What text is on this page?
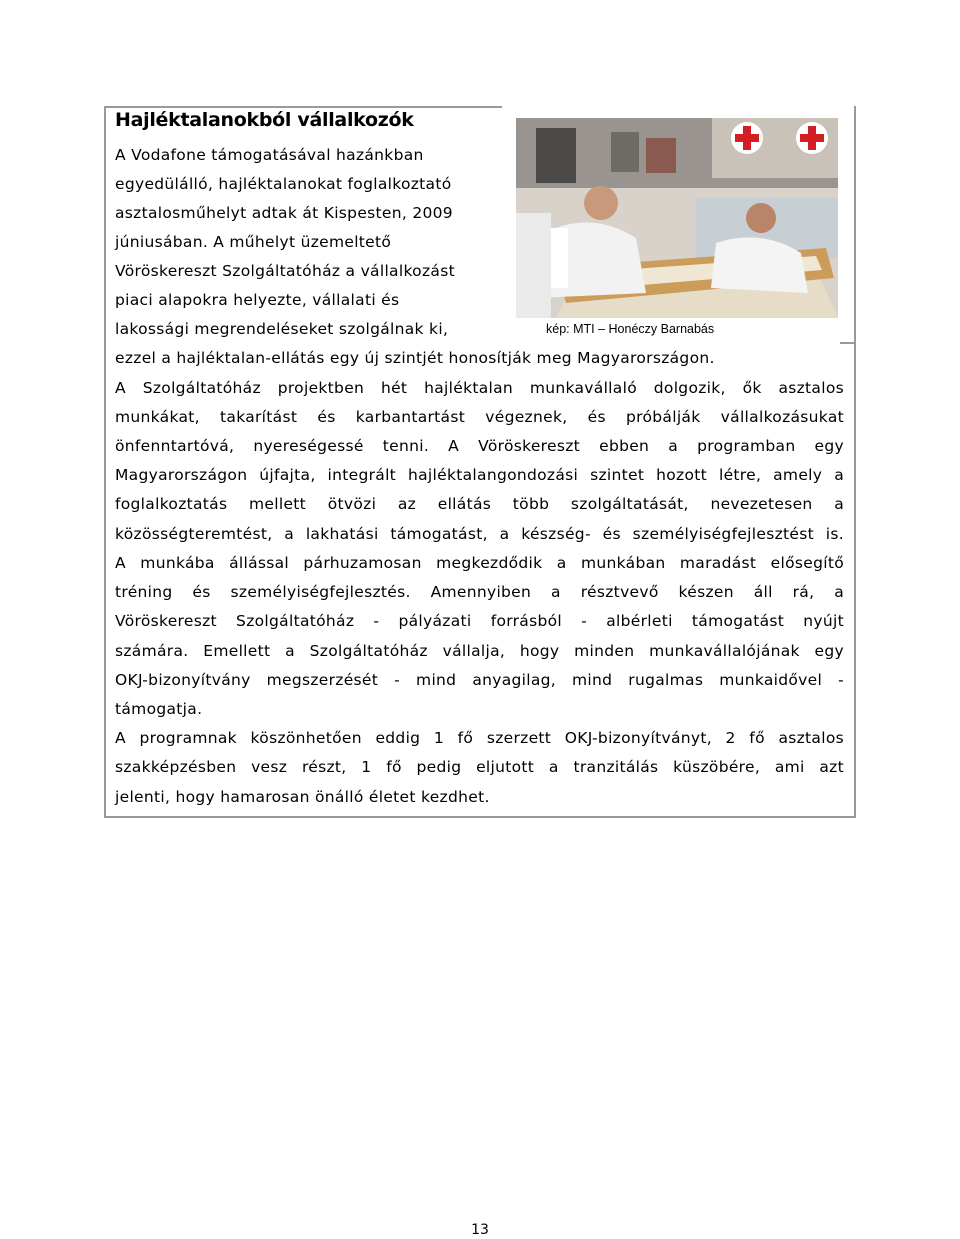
Hajléktalanokból vállalkozók
A Vodafone támogatásával hazánkban
egyedülálló, hajléktalanokat foglalkoztató
asztalosműhelyt adtak át Kispesten, 2009
júniusában. A műhelyt üzemeltető
Vöröskereszt Szolgáltatóház a vállalkozást
piaci alapokra helyezte, vállalati és
lakossági megrendeléseket szolgálnak ki,	kép: MTI – Honéczy Barnabás
ezzel a hajléktalan-ellátás egy új szintjét honosítják meg Magyarországon.
A Szolgáltatóház projektben hét hajléktalan munkavállaló dolgozik, ők asztalos
munkákat, takarítást és karbantartást végeznek, és próbálják vállalkozásukat
önfenntartóvá, nyereségessé tenni. A Vöröskereszt ebben a programban egy
Magyarországon újfajta, integrált hajléktalangondozási szintet hozott létre, amely a
foglalkoztatás mellett ötvözi az ellátás több szolgáltatását, nevezetesen a
közösségteremtést, a lakhatási támogatást, a készség- és személyiségfejlesztést is.
A munkába állással párhuzamosan megkezdődik a munkában maradást elősegítő
tréning és személyiségfejlesztés. Amennyiben a résztvevő készen áll rá, a
Vöröskereszt Szolgáltatóház - pályázati forrásból - albérleti támogatást nyújt
számára. Emellett a Szolgáltatóház vállalja, hogy minden munkavállalójának egy
OKJ-bizonyítvány megszerzését - mind anyagilag, mind rugalmas munkaidővel -
támogatja.
A programnak köszönhetően eddig 1 fő szerzett OKJ-bizonyítványt, 2 fő asztalos
szakképzésben vesz részt, 1 fő pedig eljutott a tranzitálás küszöbére, ami azt
jelenti, hogy hamarosan önálló életet kezdhet.
13
